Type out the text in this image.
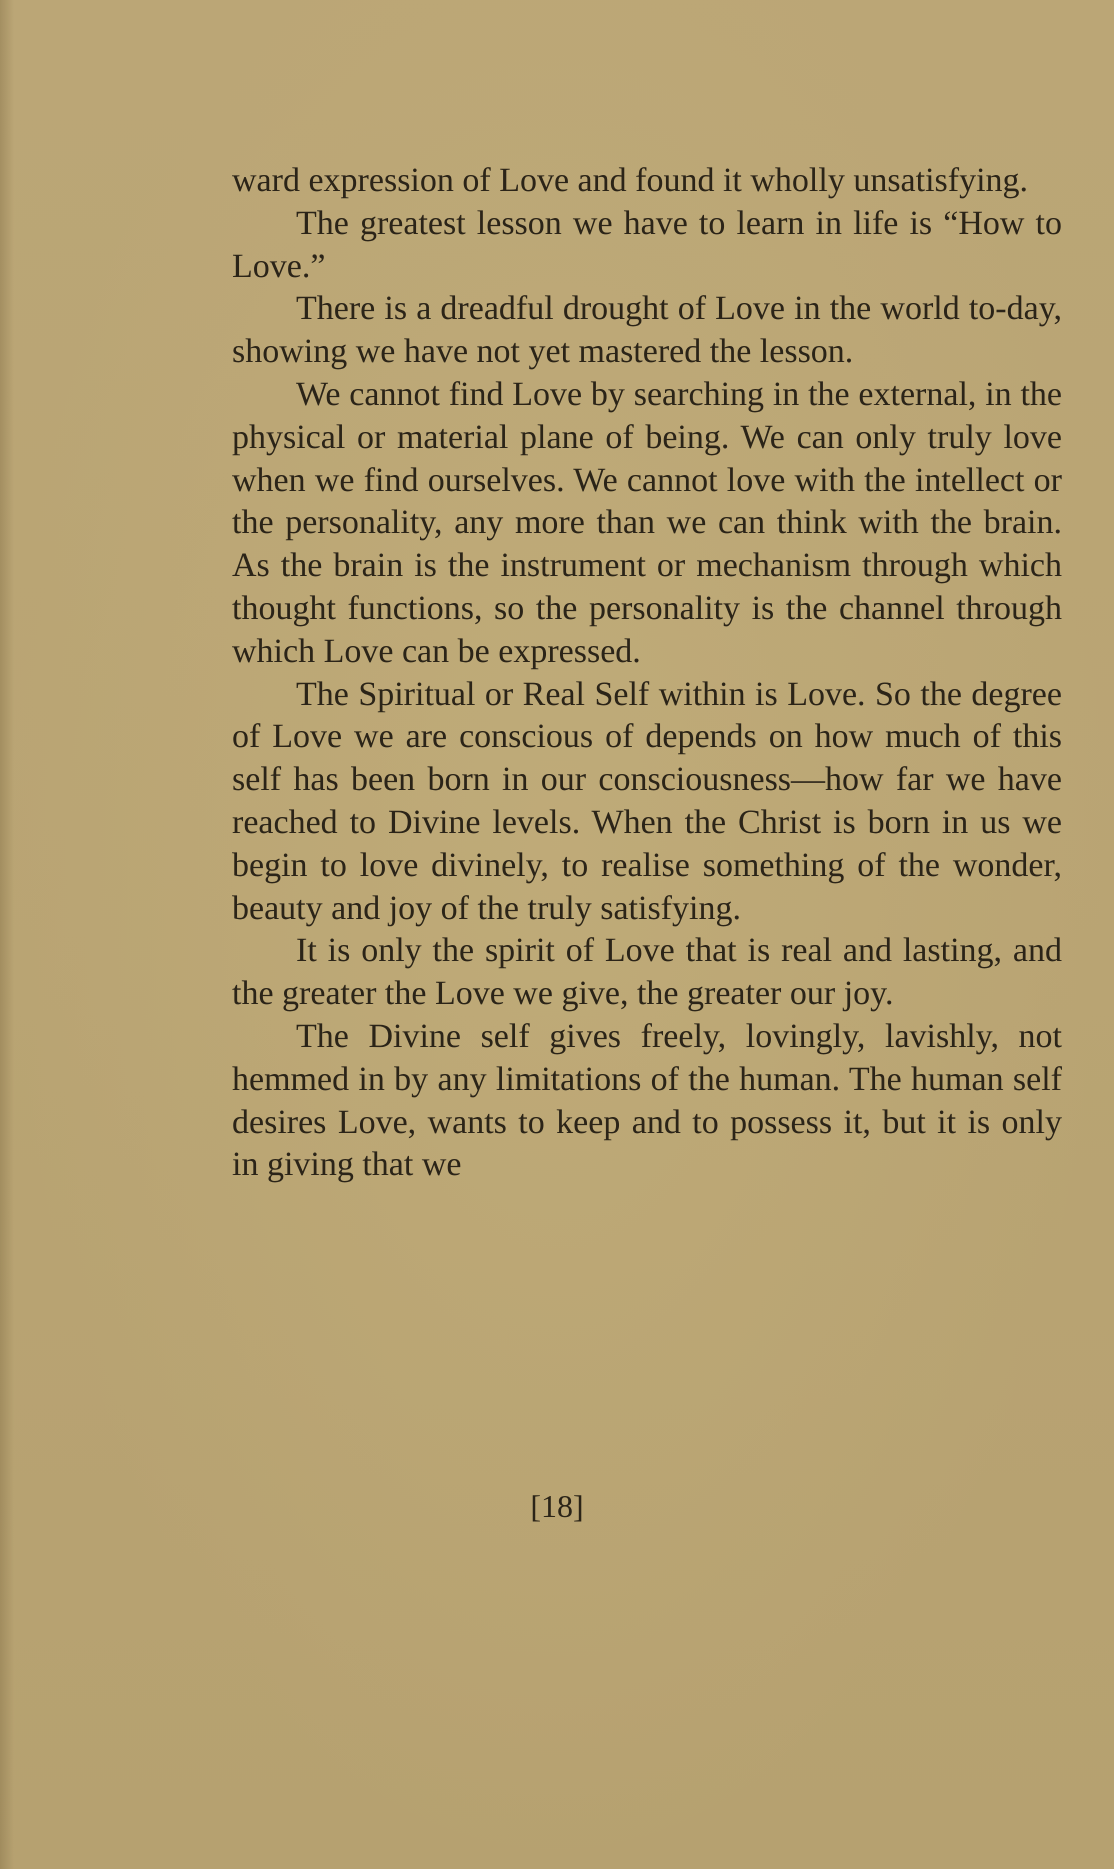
ward expression of Love and found it wholly unsatisfying.

The greatest lesson we have to learn in life is “How to Love.”

There is a dreadful drought of Love in the world to-day, showing we have not yet mastered the lesson.

We cannot find Love by searching in the external, in the physical or material plane of being. We can only truly love when we find ourselves. We cannot love with the intellect or the personality, any more than we can think with the brain. As the brain is the instrument or mechanism through which thought functions, so the personality is the channel through which Love can be expressed.

The Spiritual or Real Self within is Love. So the degree of Love we are conscious of depends on how much of this self has been born in our consciousness—how far we have reached to Divine levels. When the Christ is born in us we begin to love divinely, to realise something of the wonder, beauty and joy of the truly satisfying.

It is only the spirit of Love that is real and lasting, and the greater the Love we give, the greater our joy.

The Divine self gives freely, lovingly, lavishly, not hemmed in by any limitations of the human. The human self desires Love, wants to keep and to possess it, but it is only in giving that we

[18]
